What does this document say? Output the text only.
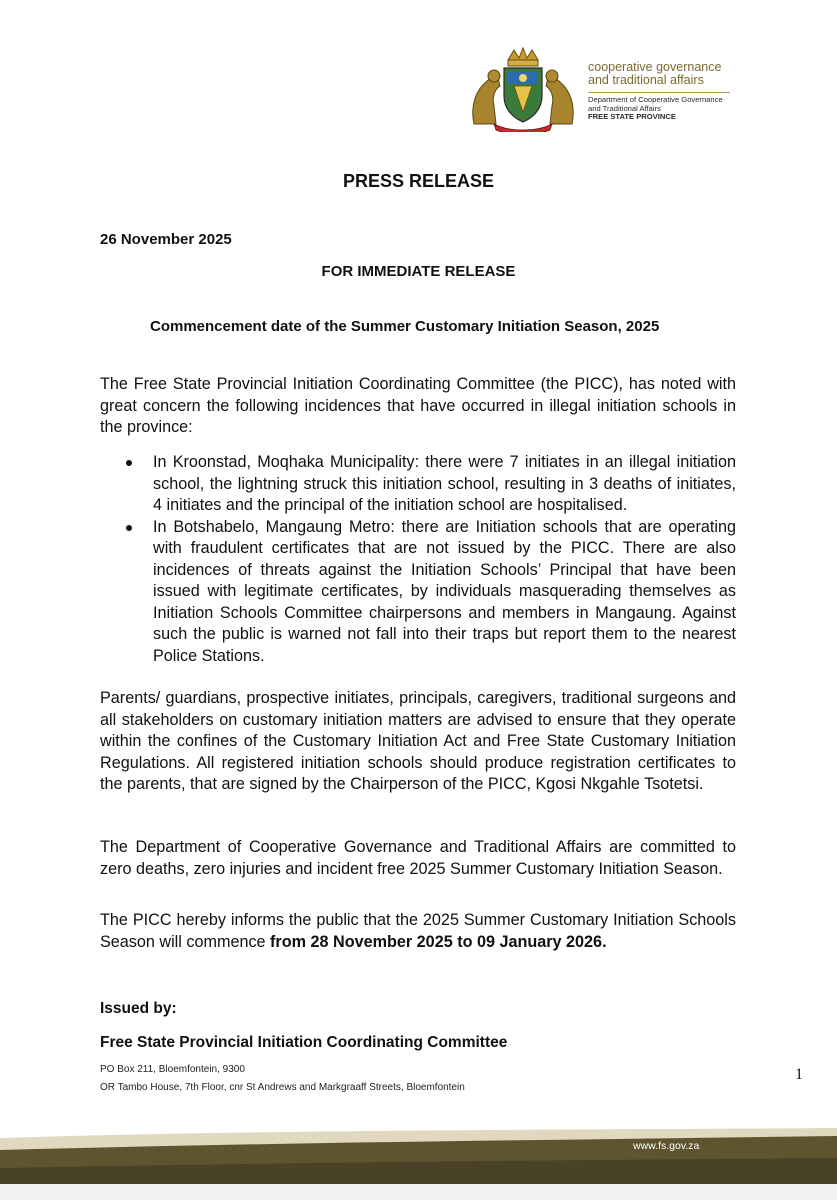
cooperative governance
and traditional affairs
Department of Cooperative Governance
and Traditional Affairs
FREE STATE PROVINCE
PRESS RELEASE
26 November 2025
FOR IMMEDIATE RELEASE
Commencement date of the Summer Customary Initiation Season, 2025
The Free State Provincial Initiation Coordinating Committee (the PICC), has noted with great concern the following incidences that have occurred in illegal initiation schools in the province:
In Kroonstad, Moqhaka Municipality: there were 7 initiates in an illegal initiation school, the lightning struck this initiation school, resulting in 3 deaths of initiates, 4 initiates and the principal of the initiation school are hospitalised.
In Botshabelo, Mangaung Metro: there are Initiation schools that are operating with fraudulent certificates that are not issued by the PICC. There are also incidences of threats against the Initiation Schools’ Principal that have been issued with legitimate certificates, by individuals masquerading themselves as Initiation Schools Committee chairpersons and members in Mangaung. Against such the public is warned not fall into their traps but report them to the nearest Police Stations.
Parents/ guardians, prospective initiates, principals, caregivers, traditional surgeons and all stakeholders on customary initiation matters are advised to ensure that they operate within the confines of the Customary Initiation Act and Free State Customary Initiation Regulations. All registered initiation schools should produce registration certificates to the parents, that are signed by the Chairperson of the PICC, Kgosi Nkgahle Tsotetsi.
The Department of Cooperative Governance and Traditional Affairs are committed to zero deaths, zero injuries and incident free 2025 Summer Customary Initiation Season.
The PICC hereby informs the public that the 2025 Summer Customary Initiation Schools Season will commence from 28 November 2025 to 09 January 2026.
Issued by:
Free State Provincial Initiation Coordinating Committee
PO Box 211, Bloemfontein, 9300
OR Tambo House, 7th Floor, cnr St Andrews and Markgraaff Streets, Bloemfontein
1
www.fs.gov.za
